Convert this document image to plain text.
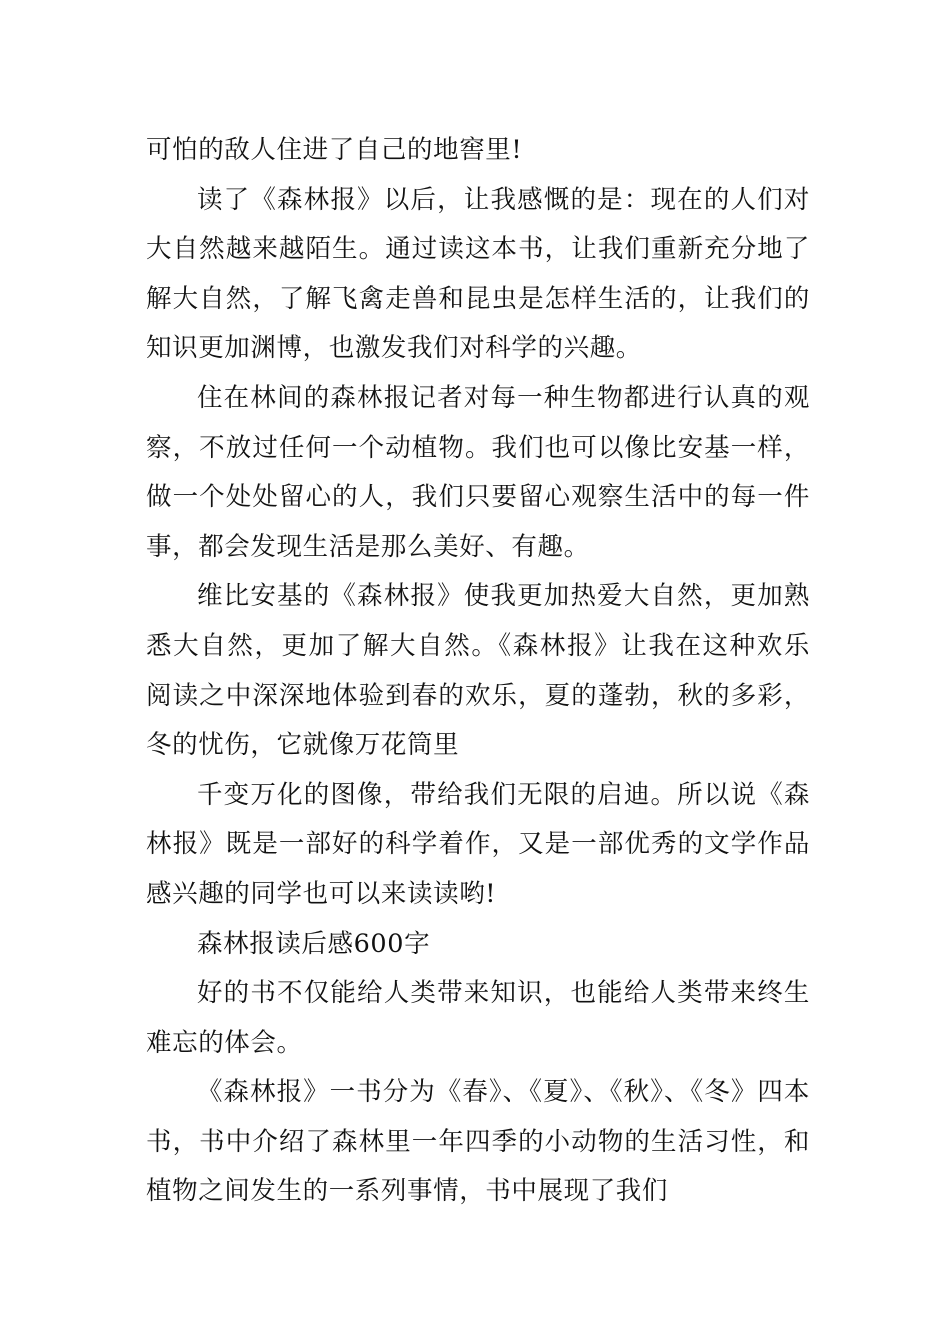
可怕的敌人住进了自己的地窖里!

读了《森林报》以后，让我感慨的是：现在的人们对大自然越来越陌生。通过读这本书，让我们重新充分地了解大自然，了解飞禽走兽和昆虫是怎样生活的，让我们的知识更加渊博，也激发我们对科学的兴趣。

住在林间的森林报记者对每一种生物都进行认真的观察，不放过任何一个动植物。我们也可以像比安基一样，做一个处处留心的人，我们只要留心观察生活中的每一件事，都会发现生活是那么美好、有趣。

维比安基的《森林报》使我更加热爱大自然，更加熟悉大自然，更加了解大自然。《森林报》让我在这种欢乐阅读之中深深地体验到春的欢乐，夏的蓬勃，秋的多彩，冬的忧伤，它就像万花筒里

千变万化的图像，带给我们无限的启迪。所以说《森林报》既是一部好的科学着作，又是一部优秀的文学作品感兴趣的同学也可以来读读哟!

森林报读后感600字

好的书不仅能给人类带来知识，也能给人类带来终生难忘的体会。

《森林报》一书分为《春》、《夏》、《秋》、《冬》四本书，书中介绍了森林里一年四季的小动物的生活习性，和植物之间发生的一系列事情，书中展现了我们
